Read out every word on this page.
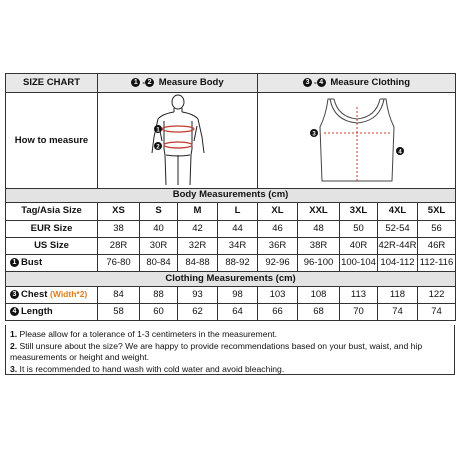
SIZE CHART	1 - 2 Measure Body				3 - 4 Measure Clothing				
How to measure	1
2				3
4				

Body Measurements (cm)									
Tag/Asia Size	XS	S	M	L	XL	XXL	3XL	4XL	5XL
EUR Size	38	40	42	44	46	48	50	52-54	56
US Size	28R	30R	32R	34R	36R	38R	40R	42R-44R	46R
1 Bust	76-80	80-84	84-88	88-92	92-96	96-100	100-104	104-112	112-116
Clothing Measurements (cm)									
3 Chest (Width*2)	84	88	93	98	103	108	113	118	122
4 Length	58	60	62	64	66	68	70	74	74
1. Please allow for a tolerance of 1-3 centimeters in the measurement.
2. Still unsure about the size? We are happy to provide recommendations based on your bust, waist, and hip measurements or height and weight.
3. It is recommended to hand wash with cold water and avoid bleaching.
